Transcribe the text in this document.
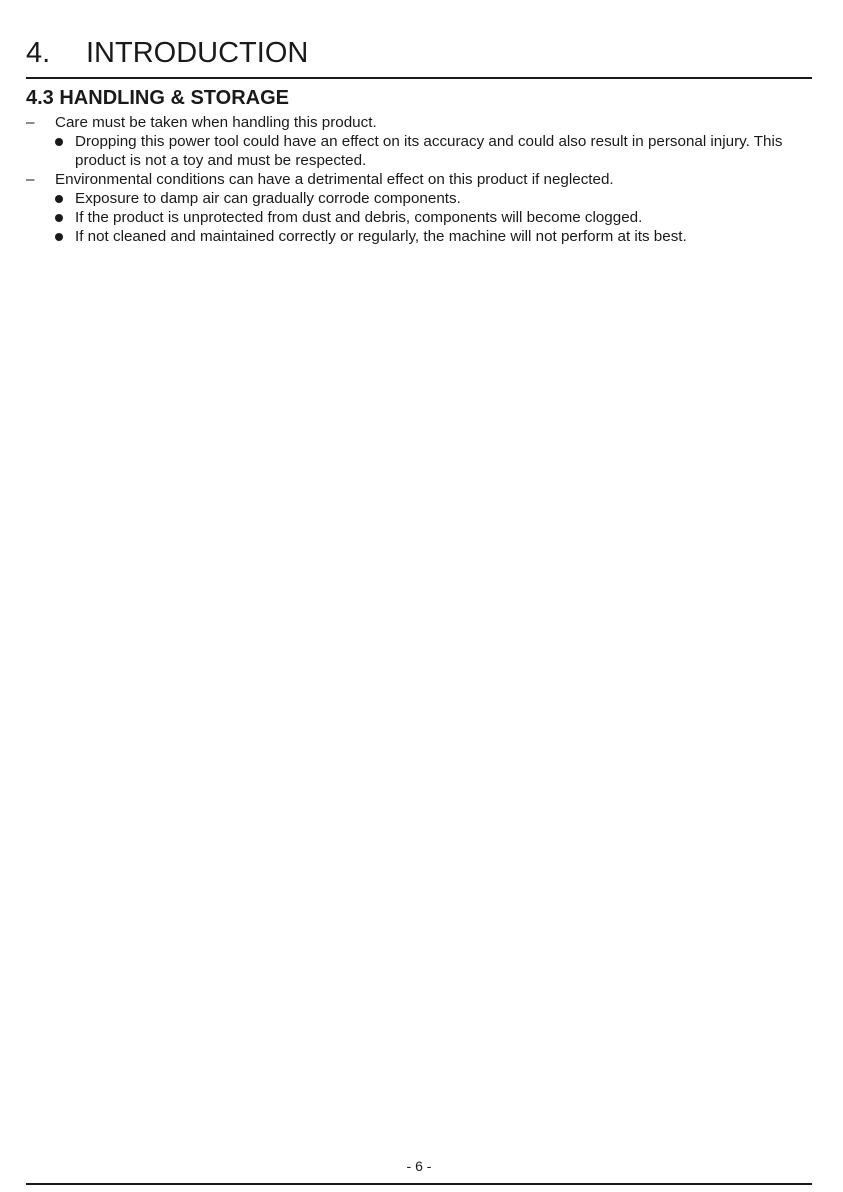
4. INTRODUCTION
4.3 HANDLING & STORAGE
–	Care must be taken when handling this product.
Dropping this power tool could have an effect on its accuracy and could also result in personal injury. This product is not a toy and must be respected.
–	Environmental conditions can have a detrimental effect on this product if neglected.
Exposure to damp air can gradually corrode components.
If the product is unprotected from dust and debris, components will become clogged.
If not cleaned and maintained correctly or regularly, the machine will not perform at its best.
- 6 -
